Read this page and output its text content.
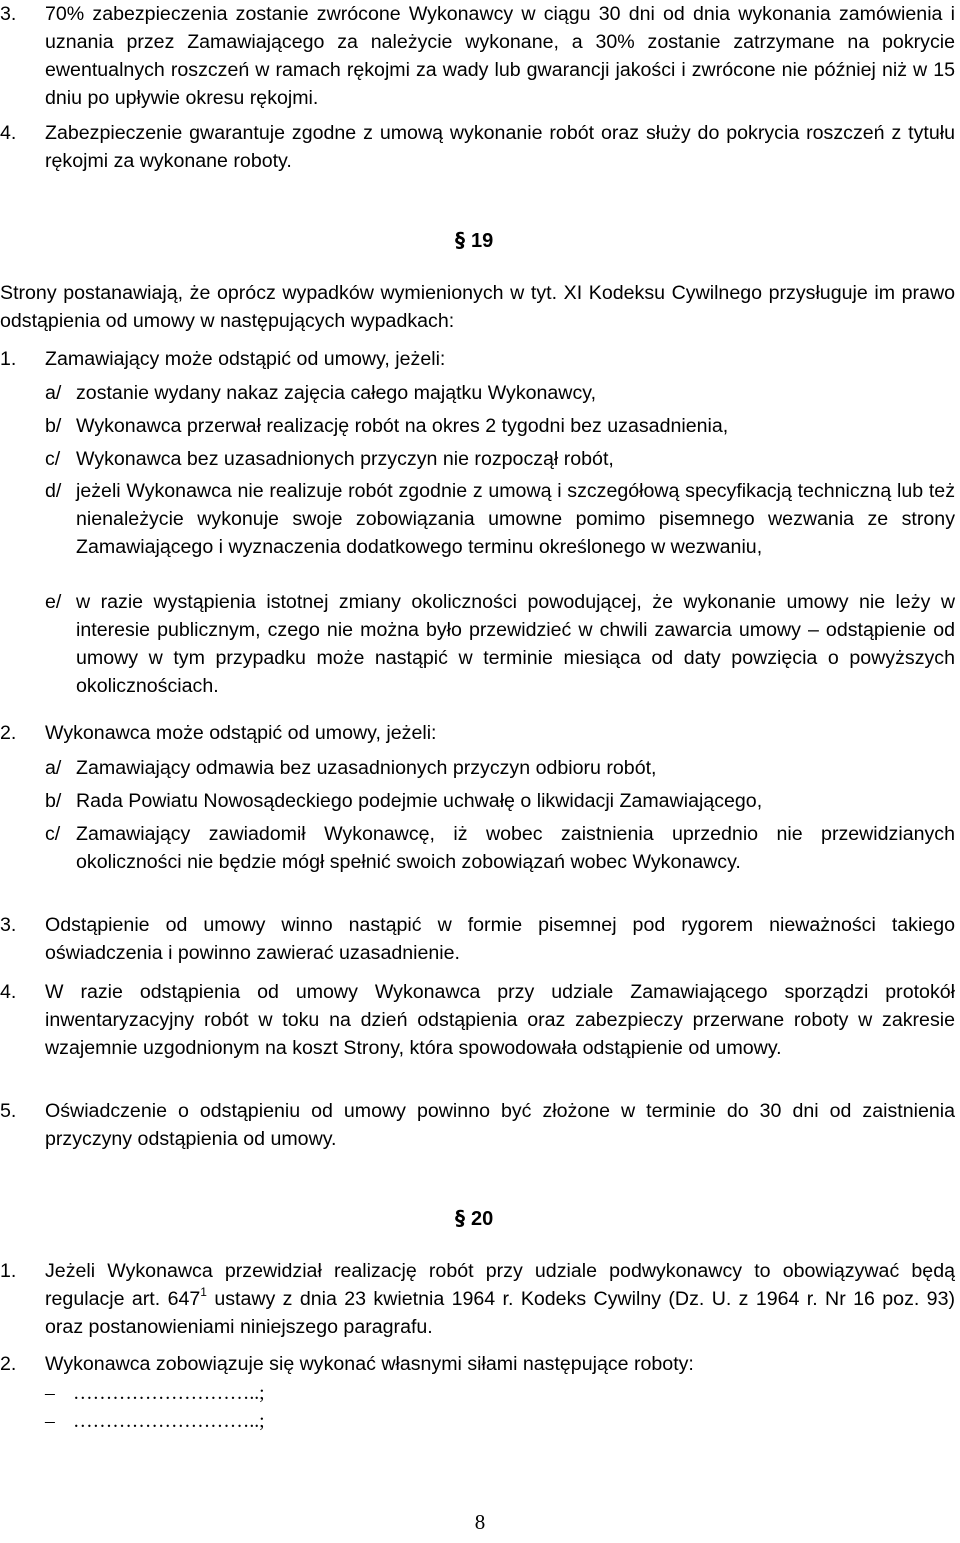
3. 70% zabezpieczenia zostanie zwrócone Wykonawcy w ciągu 30 dni od dnia wykonania zamówienia i uznania przez Zamawiającego za należycie wykonane, a 30% zostanie zatrzymane na pokrycie ewentualnych roszczeń w ramach rękojmi za wady lub gwarancji jakości i zwrócone nie później niż w 15 dniu po upływie okresu rękojmi.

4. Zabezpieczenie gwarantuje zgodne z umową wykonanie robót oraz służy do pokrycia roszczeń z tytułu rękojmi za wykonane roboty.

§ 19

Strony postanawiają, że oprócz wypadków wymienionych w tyt. XI Kodeksu Cywilnego przysługuje im prawo odstąpienia od umowy w następujących wypadkach:

1. Zamawiający może odstąpić od umowy, jeżeli:

a/ zostanie wydany nakaz zajęcia całego majątku Wykonawcy,

b/ Wykonawca przerwał realizację robót na okres 2 tygodni bez uzasadnienia,

c/ Wykonawca bez uzasadnionych przyczyn nie rozpoczął robót,

d/ jeżeli Wykonawca nie realizuje robót zgodnie z umową i szczegółową specyfikacją techniczną lub też nienależycie wykonuje swoje zobowiązania umowne pomimo pisemnego wezwania ze strony Zamawiającego i wyznaczenia dodatkowego terminu określonego w wezwaniu,

e/ w razie wystąpienia istotnej zmiany okoliczności powodującej, że wykonanie umowy nie leży w interesie publicznym, czego nie można było przewidzieć w chwili zawarcia umowy – odstąpienie od umowy w tym przypadku może nastąpić w terminie miesiąca od daty powzięcia o powyższych okolicznościach.

2. Wykonawca może odstąpić od umowy, jeżeli:

a/ Zamawiający odmawia bez uzasadnionych przyczyn odbioru robót,

b/ Rada Powiatu Nowosądeckiego podejmie uchwałę o likwidacji Zamawiającego,

c/ Zamawiający zawiadomił Wykonawcę, iż wobec zaistnienia uprzednio nie przewidzianych okoliczności nie będzie mógł spełnić swoich zobowiązań wobec Wykonawcy.

3. Odstąpienie od umowy winno nastąpić w formie pisemnej pod rygorem nieważności takiego oświadczenia i powinno zawierać uzasadnienie.

4. W razie odstąpienia od umowy Wykonawca przy udziale Zamawiającego sporządzi protokół inwentaryzacyjny robót w toku na dzień odstąpienia oraz zabezpieczy przerwane roboty w zakresie wzajemnie uzgodnionym na koszt Strony, która spowodowała odstąpienie od umowy.

5. Oświadczenie o odstąpieniu od umowy powinno być złożone w terminie do 30 dni od zaistnienia przyczyny odstąpienia od umowy.

§ 20
1. Jeżeli Wykonawca przewidział realizację robót przy udziale podwykonawcy to obowiązywać będą regulacje art. $647^1$ ustawy z dnia 23 kwietnia 1964 r. Kodeks Cywilny (Dz. U. z 1964 r. Nr 16 poz. 93) oraz postanowieniami niniejszego paragrafu.

2. Wykonawca zobowiązuje się wykonać własnymi siłami następujące roboty:

– ………………………..;
– ………………………..;
8
